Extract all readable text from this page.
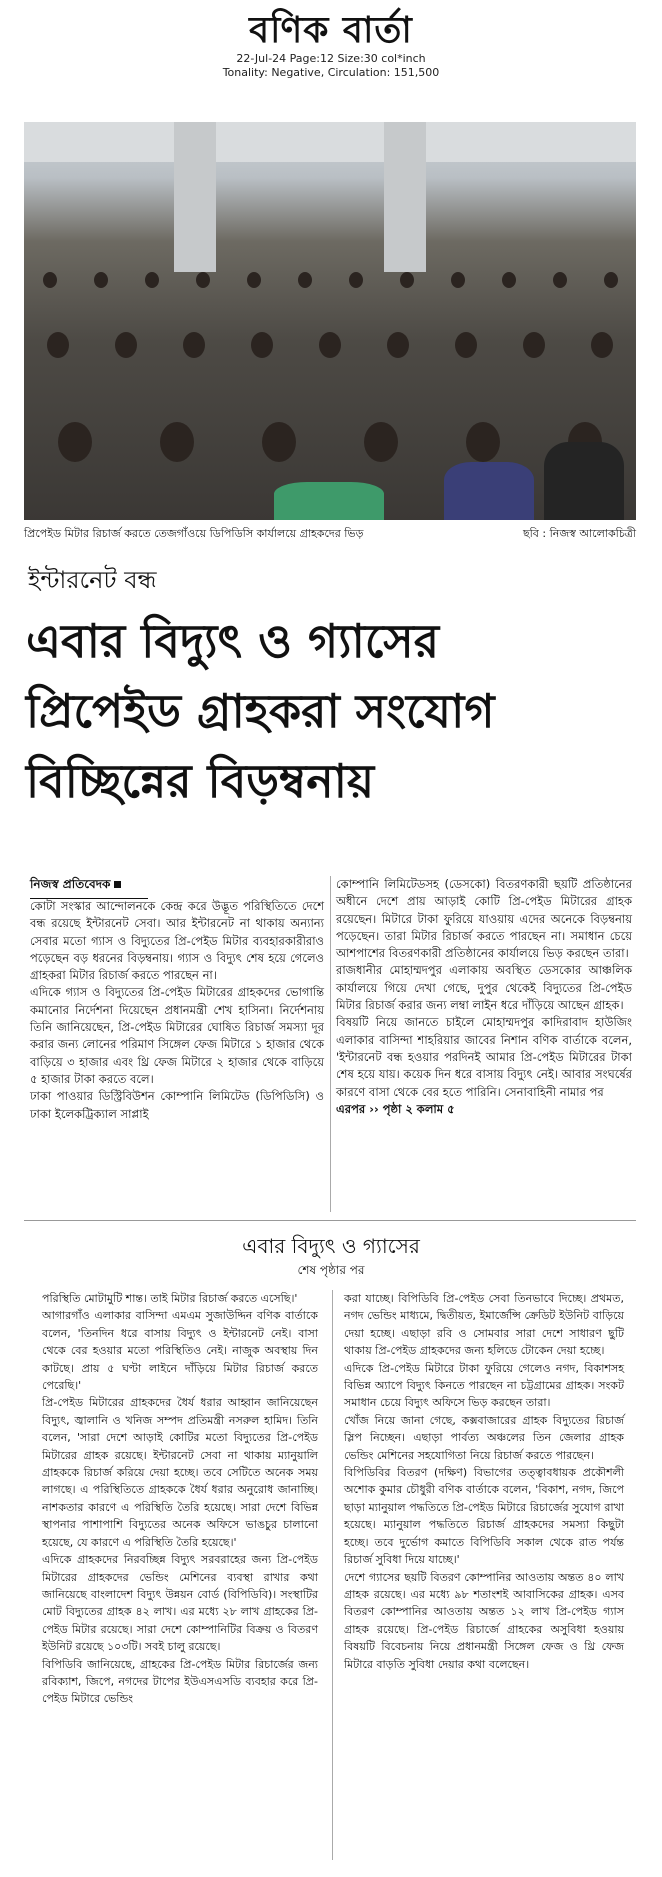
বণিক বার্তা
22-Jul-24 Page:12 Size:30 col*inch
Tonality: Negative, Circulation: 151,500
প্রিপেইড মিটার রিচার্জ করতে তেজগাঁওয়ে ডিপিডিসি কার্যালয়ে গ্রাহকদের ভিড়	ছবি : নিজস্ব আলোকচিত্রী
ইন্টারনেট বন্ধ
এবার বিদ্যুৎ ও গ্যাসের
প্রিপেইড গ্রাহকরা সংযোগ
বিচ্ছিন্নের বিড়ম্বনায়
নিজস্ব প্রতিবেদক

কোটা সংস্কার আন্দোলনকে কেন্দ্র করে উদ্ভূত পরিস্থিতিতে দেশে বন্ধ রয়েছে ইন্টারনেট সেবা। আর ইন্টারনেট না থাকায় অন্যান্য সেবার মতো গ্যাস ও বিদ্যুতের প্রি-পেইড মিটার ব্যবহারকারীরাও পড়েছেন বড় ধরনের বিড়ম্বনায়। গ্যাস ও বিদ্যুৎ শেষ হয়ে গেলেও গ্রাহকরা মিটার রিচার্জ করতে পারছেন না।

এদিকে গ্যাস ও বিদ্যুতের প্রি-পেইড মিটারের গ্রাহকদের ভোগান্তি কমানোর নির্দেশনা দিয়েছেন প্রধানমন্ত্রী শেখ হাসিনা। নির্দেশনায় তিনি জানিয়েছেন, প্রি-পেইড মিটারের ঘোষিত রিচার্জ সমস্যা দূর করার জন্য লোনের পরিমাণ সিঙ্গেল ফেজ মিটারে ১ হাজার থেকে বাড়িয়ে ৩ হাজার এবং থ্রি ফেজ মিটারে ২ হাজার থেকে বাড়িয়ে ৫ হাজার টাকা করতে বলে।

ঢাকা পাওয়ার ডিস্ট্রিবিউশন কোম্পানি লিমিটেড (ডিপিডিসি) ও ঢাকা ইলেকট্রিক্যাল সাপ্লাই

কোম্পানি লিমিটেডসহ (ডেসকো) বিতরণকারী ছয়টি প্রতিষ্ঠানের অধীনে দেশে প্রায় আড়াই কোটি প্রি-পেইড মিটারের গ্রাহক রয়েছেন। মিটারে টাকা ফুরিয়ে যাওয়ায় এদের অনেকে বিড়ম্বনায় পড়েছেন। তারা মিটার রিচার্জ করতে পারছেন না। সমাধান চেয়ে আশপাশের বিতরণকারী প্রতিষ্ঠানের কার্যালয়ে ভিড় করছেন তারা।

রাজধানীর মোহাম্মদপুর এলাকায় অবস্থিত ডেসকোর আঞ্চলিক কার্যালয়ে গিয়ে দেখা গেছে, দুপুর থেকেই বিদ্যুতের প্রি-পেইড মিটার রিচার্জ করার জন্য লম্বা লাইন ধরে দাঁড়িয়ে আছেন গ্রাহক।

বিষয়টি নিয়ে জানতে চাইলে মোহাম্মদপুর কাদিরাবাদ হাউজিং এলাকার বাসিন্দা শাহরিয়ার জাবের নিশান বণিক বার্তাকে বলেন, 'ইন্টারনেট বন্ধ হওয়ার পরদিনই আমার প্রি-পেইড মিটারের টাকা শেষ হয়ে যায়। কয়েক দিন ধরে বাসায় বিদ্যুৎ নেই। আবার সংঘর্ষের কারণে বাসা থেকে বের হতে পারিনি। সেনাবাহিনী নামার পর

এরপর ›› পৃষ্ঠা ২ কলাম ৫

এবার বিদ্যুৎ ও গ্যাসের
শেষ পৃষ্ঠার পর

পরিস্থিতি মোটামুটি শান্ত। তাই মিটার রিচার্জ করতে এসেছি।'

আগারগাঁও এলাকার বাসিন্দা এমএম সুজাউদ্দিন বণিক বার্তাকে বলেন, 'তিনদিন ধরে বাসায় বিদ্যুৎ ও ইন্টারনেট নেই। বাসা থেকে বের হওয়ার মতো পরিস্থিতিও নেই। নাজুক অবস্থায় দিন কাটছে। প্রায় ৫ ঘণ্টা লাইনে দাঁড়িয়ে মিটার রিচার্জ করতে পেরেছি।'

প্রি-পেইড মিটারের গ্রাহকদের ধৈর্য ধরার আহ্বান জানিয়েছেন বিদ্যুৎ, জ্বালানি ও খনিজ সম্পদ প্রতিমন্ত্রী নসরুল হামিদ। তিনি বলেন, 'সারা দেশে আড়াই কোটির মতো বিদ্যুতের প্রি-পেইড মিটারের গ্রাহক রয়েছে। ইন্টারনেট সেবা না থাকায় ম্যানুয়ালি গ্রাহককে রিচার্জ করিয়ে দেয়া হচ্ছে। তবে সেটিতে অনেক সময় লাগছে। এ পরিস্থিতিতে গ্রাহককে ধৈর্য ধরার অনুরোধ জানাচ্ছি। নাশকতার কারণে এ পরিস্থিতি তৈরি হয়েছে। সারা দেশে বিভিন্ন স্থাপনার পাশাপাশি বিদ্যুতের অনেক অফিসে ভাঙচুর চালানো হয়েছে, যে কারণে এ পরিস্থিতি তৈরি হয়েছে।'

এদিকে গ্রাহকদের নিরবচ্ছিন্ন বিদ্যুৎ সরবরাহের জন্য প্রি-পেইড মিটারের গ্রাহকদের ভেন্ডিং মেশিনের ব্যবস্থা রাখার কথা জানিয়েছে বাংলাদেশ বিদ্যুৎ উন্নয়ন বোর্ড (বিপিডিবি)। সংস্থাটির মোট বিদ্যুতের গ্রাহক ৪২ লাখ। এর মধ্যে ২৮ লাখ গ্রাহকের প্রি-পেইড মিটার রয়েছে। সারা দেশে কোম্পানিটির বিক্রয় ও বিতরণ ইউনিট রয়েছে ১০৩টি। সবই চালু রয়েছে।

বিপিডিবি জানিয়েছে, গ্রাহকের প্রি-পেইড মিটার রিচার্জের জন্য রবিক্যাশ, জিপে, নগদের টাপের ইউএসএসডি ব্যবহার করে প্রি-পেইড মিটারে ভেন্ডিং

করা যাচ্ছে। বিপিডিবি প্রি-পেইড সেবা তিনভাবে দিচ্ছে। প্রথমত, নগদ ভেন্ডিং মাধ্যমে, দ্বিতীয়ত, ইমার্জেন্সি ক্রেডিট ইউনিট বাড়িয়ে দেয়া হচ্ছে। এছাড়া রবি ও সোমবার সারা দেশে সাধারণ ছুটি থাকায় প্রি-পেইড গ্রাহকদের জন্য হলিডে টোকেন দেয়া হচ্ছে।

এদিকে প্রি-পেইড মিটারে টাকা ফুরিয়ে গেলেও নগদ, বিকাশসহ বিভিন্ন অ্যাপে বিদ্যুৎ কিনতে পারছেন না চট্টগ্রামের গ্রাহক। সংকট সমাধান চেয়ে বিদ্যুৎ অফিসে ভিড় করছেন তারা।

খোঁজ নিয়ে জানা গেছে, কক্সবাজারের গ্রাহক বিদ্যুতের রিচার্জ স্লিপ নিচ্ছেন। এছাড়া পার্বত্য অঞ্চলের তিন জেলার গ্রাহক ভেন্ডিং মেশিনের সহযোগিতা নিয়ে রিচার্জ করতে পারছেন।

বিপিডিবির বিতরণ (দক্ষিণ) বিভাগের তত্ত্বাবধায়ক প্রকৌশলী অশোক কুমার চৌধুরী বণিক বার্তাকে বলেন, 'বিকাশ, নগদ, জিপে ছাড়া ম্যানুয়াল পদ্ধতিতে প্রি-পেইড মিটারে রিচার্জের সুযোগ রাখা হয়েছে। ম্যানুয়াল পদ্ধতিতে রিচার্জ গ্রাহকদের সমস্যা কিছুটা হচ্ছে। তবে দুর্ভোগ কমাতে বিপিডিবি সকাল থেকে রাত পর্যন্ত রিচার্জ সুবিধা দিয়ে যাচ্ছে।'

দেশে গ্যাসের ছয়টি বিতরণ কোম্পানির আওতায় অন্তত ৪০ লাখ গ্রাহক রয়েছে। এর মধ্যে ৯৮ শতাংশই আবাসিকের গ্রাহক। এসব বিতরণ কোম্পানির আওতায় অন্তত ১২ লাখ প্রি-পেইড গ্যাস গ্রাহক রয়েছে। প্রি-পেইড রিচার্জে গ্রাহকের অসুবিধা হওয়ায় বিষয়টি বিবেচনায় নিয়ে প্রধানমন্ত্রী সিঙ্গেল ফেজ ও থ্রি ফেজ মিটারে বাড়তি সুবিধা দেয়ার কথা বলেছেন।
